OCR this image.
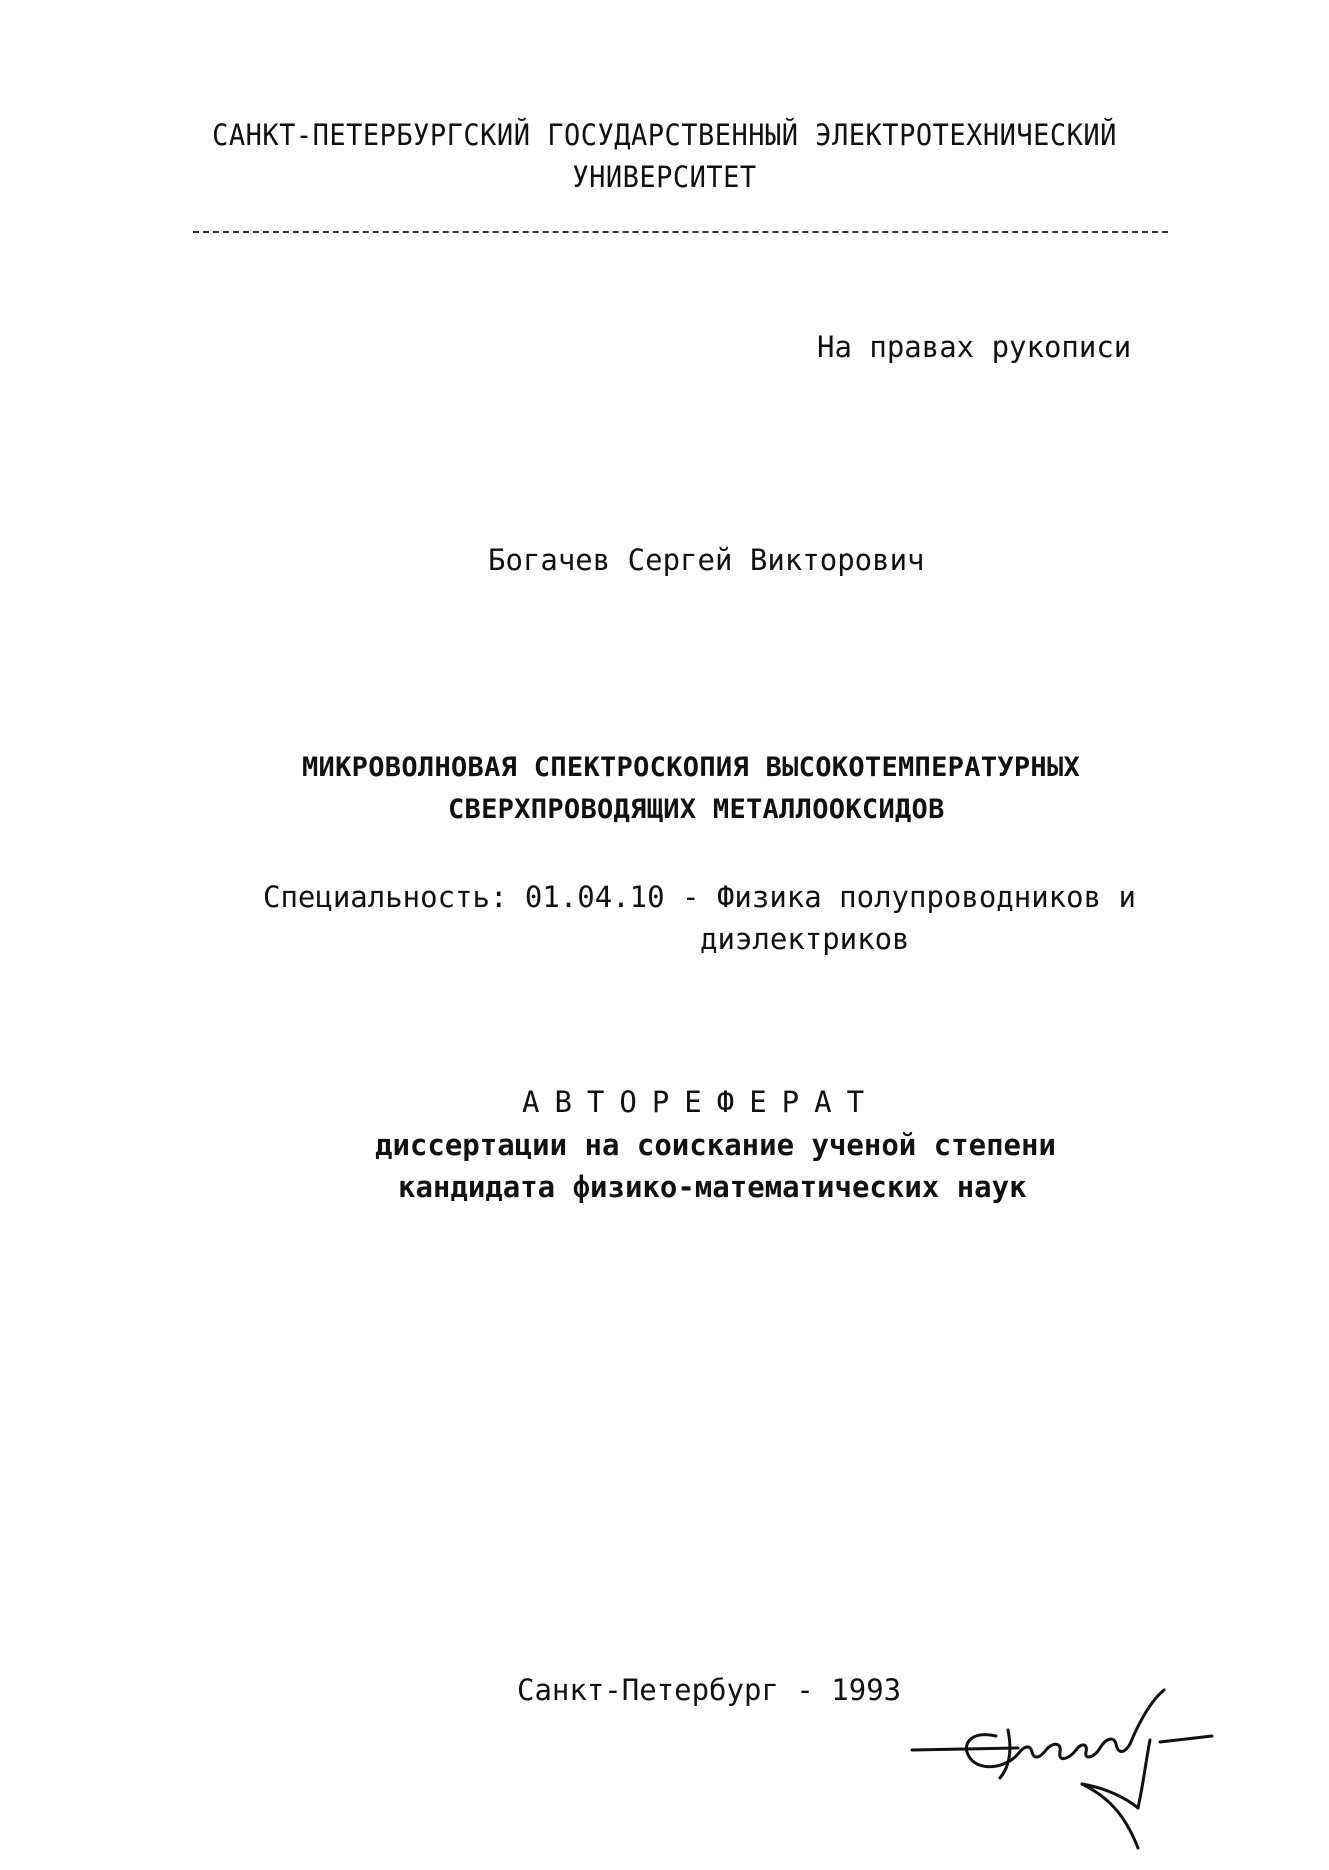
САНКТ-ПЕТЕРБУРГСКИЙ ГОСУДАРСТВЕННЫЙ ЭЛЕКТРОТЕХНИЧЕСКИЙ
УНИВЕРСИТЕТ
На правах рукописи
Богачев Сергей Викторович
МИКРОВОЛНОВАЯ СПЕКТРОСКОПИЯ ВЫСОКОТЕМПЕРАТУРНЫХ
СВЕРХПРОВОДЯЩИХ МЕТАЛЛООКСИДОВ
Специальность: 01.04.10 - Физика полупроводников и
диэлектриков
АВТОРЕФЕРАТ
диссертации на соискание ученой степени
кандидата физико-математических наук
Санкт-Петербург - 1993
